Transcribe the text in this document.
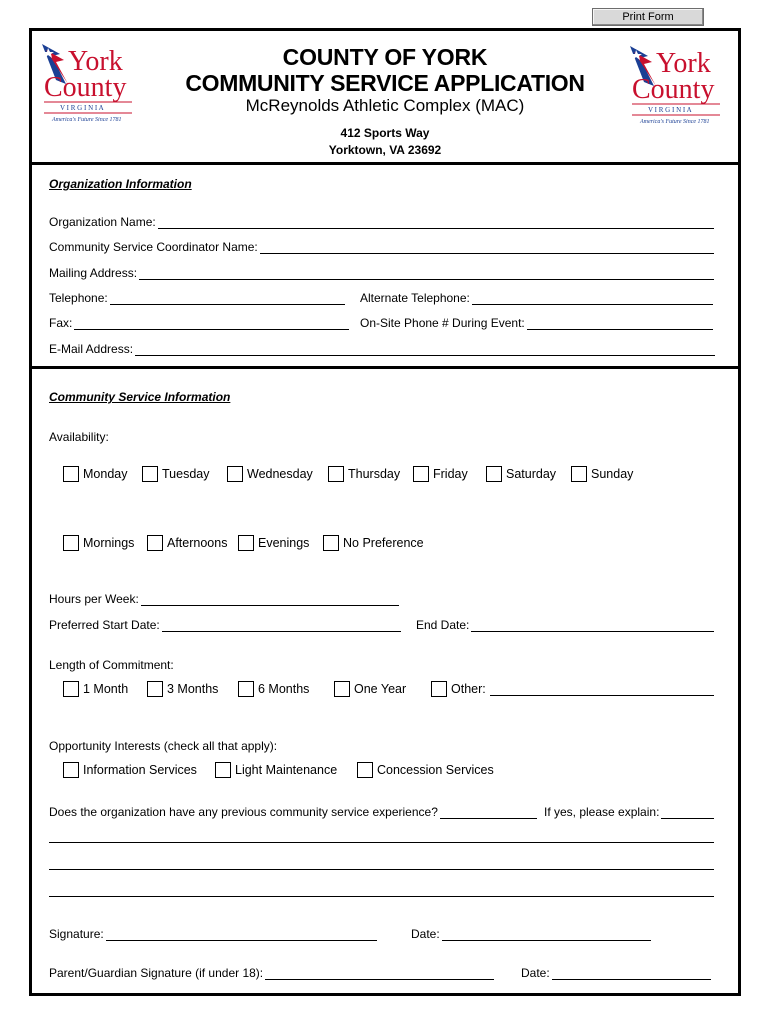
Print Form
York
County
V I R G I N I A
America's Future Since 1781
York
County
V I R G I N I A
America's Future Since 1781
COUNTY OF YORK
COMMUNITY SERVICE APPLICATION
McReynolds Athletic Complex (MAC)
412 Sports Way
Yorktown, VA 23692
Organization Information
Organization Name:
Community Service Coordinator Name:
Mailing Address:
Telephone:	Alternate Telephone:
Fax:	On-Site Phone # During Event:
E-Mail Address:
Community Service Information
Availability:
Monday	Tuesday	Wednesday	Thursday	Friday	Saturday	Sunday
Mornings	Afternoons Evenings	No Preference
Hours per Week:
Preferred Start Date:	End Date:
Length of Commitment:
1 Month	3 Months	6 Months	One Year	Other:
Opportunity Interests (check all that apply):
Information Services	Light Maintenance	Concession Services
Does the organization have any previous community service experience?	If yes, please explain:
Signature:	Date:
Parent/Guardian Signature (if under 18):	Date:
